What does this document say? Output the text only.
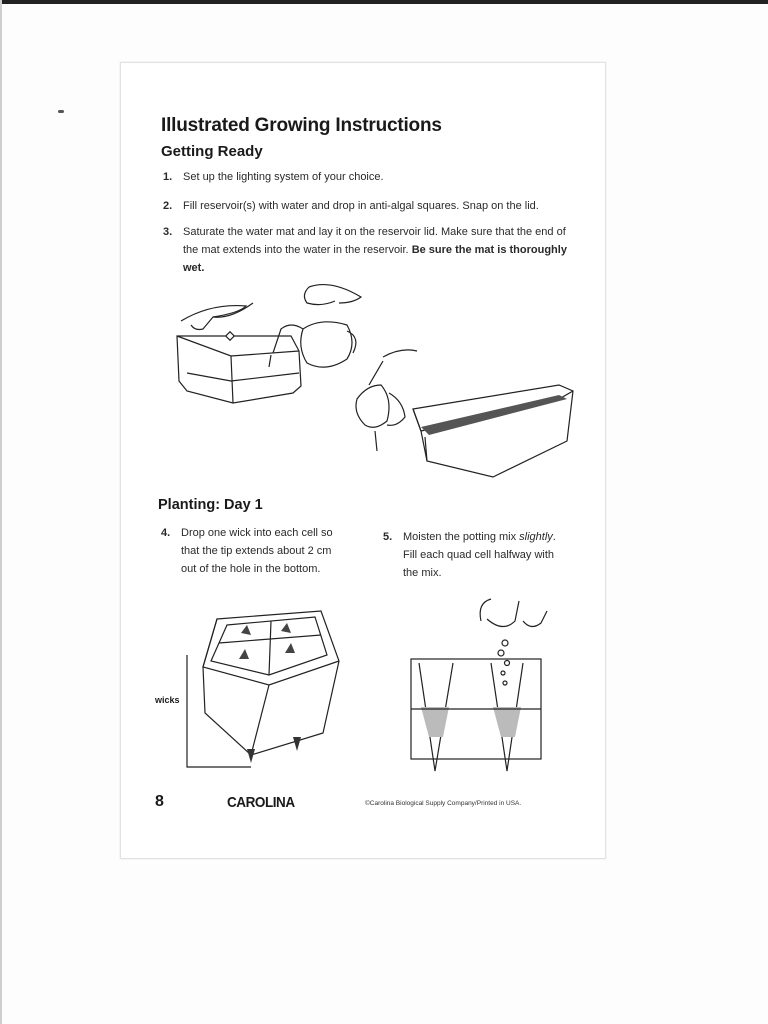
Illustrated Growing Instructions
Getting Ready
1. Set up the lighting system of your choice.
2. Fill reservoir(s) with water and drop in anti-algal squares. Snap on the lid.
3. Saturate the water mat and lay it on the reservoir lid. Make sure that the end of the mat extends into the water in the reservoir. Be sure the mat is thoroughly wet.
Planting: Day 1
4. Drop one wick into each cell so that the tip extends about 2 cm out of the hole in the bottom.
5. Moisten the potting mix slightly. Fill each quad cell halfway with the mix.
wicks
8	CAROLINA	©Carolina Biological Supply Company/Printed in USA.
